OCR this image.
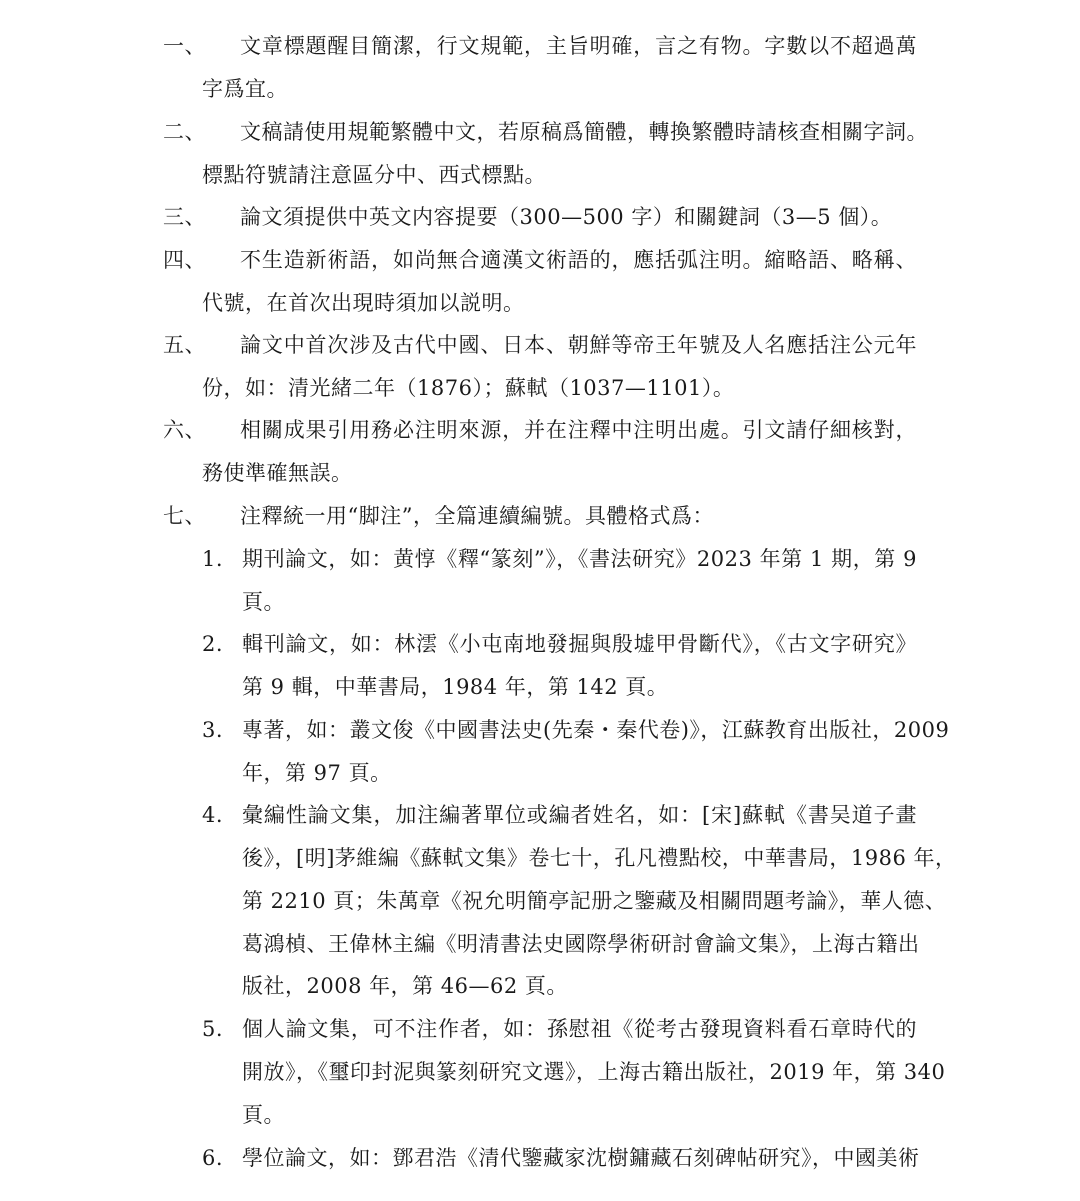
一、 文章標題醒目簡潔，行文規範，主旨明確，言之有物。字數以不超過萬
字爲宜。
二、 文稿請使用規範繁體中文，若原稿爲簡體，轉換繁體時請核查相關字詞。
標點符號請注意區分中、西式標點。
三、 論文須提供中英文内容提要（300—500 字）和關鍵詞（3—5 個）。
四、 不生造新術語，如尚無合適漢文術語的，應括弧注明。縮略語、略稱、
代號，在首次出現時須加以説明。
五、 論文中首次涉及古代中國、日本、朝鮮等帝王年號及人名應括注公元年
份，如：清光緒二年（1876）；蘇軾（1037—1101）。
六、 相關成果引用務必注明來源，并在注釋中注明出處。引文請仔細核對，
務使準確無誤。
七、 注釋統一用“脚注”，全篇連續編號。具體格式爲：
1. 期刊論文，如：黄惇《釋“篆刻”》，《書法研究》2023 年第 1 期，第 9
頁。
2. 輯刊論文，如：林澐《小屯南地發掘與殷墟甲骨斷代》，《古文字研究》
第 9 輯，中華書局，1984 年，第 142 頁。
3. 專著，如：叢文俊《中國書法史(先秦・秦代卷)》，江蘇教育出版社，2009
年，第 97 頁。
4. 彙編性論文集，加注編著單位或編者姓名，如：[宋]蘇軾《書吴道子畫
後》，[明]茅維編《蘇軾文集》卷七十，孔凡禮點校，中華書局，1986 年，
第 2210 頁；朱萬章《祝允明簡亭記册之鑒藏及相關問題考論》，華人德、
葛鴻楨、王偉林主編《明清書法史國際學術研討會論文集》，上海古籍出
版社，2008 年，第 46—62 頁。
5. 個人論文集，可不注作者，如：孫慰祖《從考古發現資料看石章時代的
開放》，《璽印封泥與篆刻研究文選》，上海古籍出版社，2019 年，第 340
頁。
6. 學位論文，如：鄧君浩《清代鑒藏家沈樹鏞藏石刻碑帖研究》，中國美術
